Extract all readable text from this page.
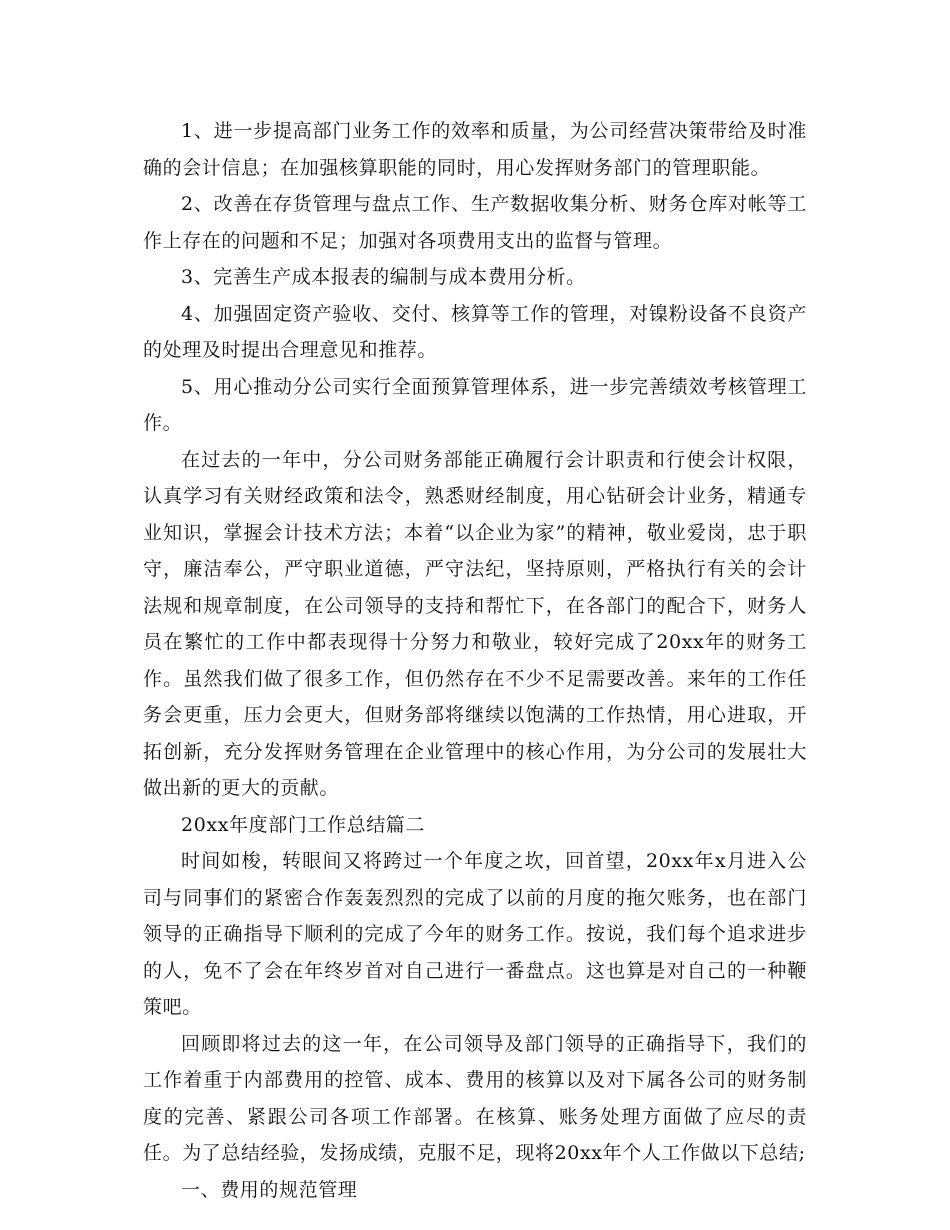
1、进一步提高部门业务工作的效率和质量，为公司经营决策带给及时准确的会计信息；在加强核算职能的同时，用心发挥财务部门的管理职能。

2、改善在存货管理与盘点工作、生产数据收集分析、财务仓库对帐等工作上存在的问题和不足；加强对各项费用支出的监督与管理。

3、完善生产成本报表的编制与成本费用分析。

4、加强固定资产验收、交付、核算等工作的管理，对镍粉设备不良资产的处理及时提出合理意见和推荐。

5、用心推动分公司实行全面预算管理体系，进一步完善绩效考核管理工作。

在过去的一年中，分公司财务部能正确履行会计职责和行使会计权限，认真学习有关财经政策和法令，熟悉财经制度，用心钻研会计业务，精通专业知识，掌握会计技术方法；本着“以企业为家”的精神，敬业爱岗，忠于职守，廉洁奉公，严守职业道德，严守法纪，坚持原则，严格执行有关的会计法规和规章制度，在公司领导的支持和帮忙下，在各部门的配合下，财务人员在繁忙的工作中都表现得十分努力和敬业，较好完成了20xx年的财务工作。虽然我们做了很多工作，但仍然存在不少不足需要改善。来年的工作任务会更重，压力会更大，但财务部将继续以饱满的工作热情，用心进取，开拓创新，充分发挥财务管理在企业管理中的核心作用，为分公司的发展壮大做出新的更大的贡献。

20xx年度部门工作总结篇二

时间如梭，转眼间又将跨过一个年度之坎，回首望，20xx年x月进入公司与同事们的紧密合作轰轰烈烈的完成了以前的月度的拖欠账务，也在部门领导的正确指导下顺利的完成了今年的财务工作。按说，我们每个追求进步的人，免不了会在年终岁首对自己进行一番盘点。这也算是对自己的一种鞭策吧。

回顾即将过去的这一年，在公司领导及部门领导的正确指导下，我们的工作着重于内部费用的控管、成本、费用的核算以及对下属各公司的财务制度的完善、紧跟公司各项工作部署。在核算、账务处理方面做了应尽的责任。为了总结经验，发扬成绩，克服不足，现将20xx年个人工作做以下总结;

一、费用的规范管理
